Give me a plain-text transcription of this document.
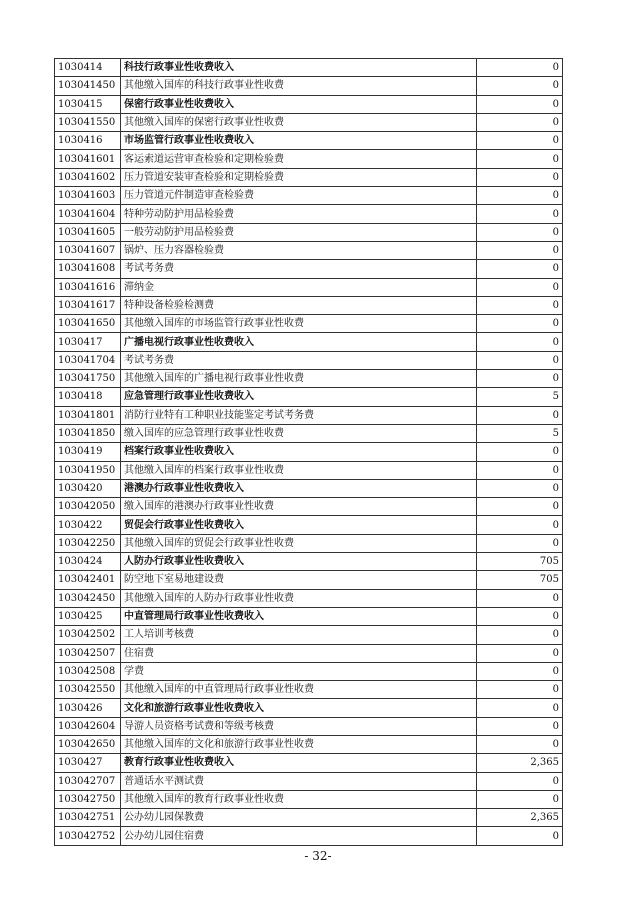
1030414	科技行政事业性收费收入	0
103041450	其他缴入国库的科技行政事业性收费	0
1030415	保密行政事业性收费收入	0
103041550	其他缴入国库的保密行政事业性收费	0
1030416	市场监管行政事业性收费收入	0
103041601	客运索道运营审查检验和定期检验费	0
103041602	压力管道安装审查检验和定期检验费	0
103041603	压力管道元件制造审查检验费	0
103041604	特种劳动防护用品检验费	0
103041605	一般劳动防护用品检验费	0
103041607	锅炉、压力容器检验费	0
103041608	考试考务费	0
103041616	滞纳金	0
103041617	特种设备检验检测费	0
103041650	其他缴入国库的市场监管行政事业性收费	0
1030417	广播电视行政事业性收费收入	0
103041704	考试考务费	0
103041750	其他缴入国库的广播电视行政事业性收费	0
1030418	应急管理行政事业性收费收入	5
103041801	消防行业特有工种职业技能鉴定考试考务费	0
103041850	缴入国库的应急管理行政事业性收费	5
1030419	档案行政事业性收费收入	0
103041950	其他缴入国库的档案行政事业性收费	0
1030420	港澳办行政事业性收费收入	0
103042050	缴入国库的港澳办行政事业性收费	0
1030422	贸促会行政事业性收费收入	0
103042250	其他缴入国库的贸促会行政事业性收费	0
1030424	人防办行政事业性收费收入	705
103042401	防空地下室易地建设费	705
103042450	其他缴入国库的人防办行政事业性收费	0
1030425	中直管理局行政事业性收费收入	0
103042502	工人培训考核费	0
103042507	住宿费	0
103042508	学费	0
103042550	其他缴入国库的中直管理局行政事业性收费	0
1030426	文化和旅游行政事业性收费收入	0
103042604	导游人员资格考试费和等级考核费	0
103042650	其他缴入国库的文化和旅游行政事业性收费	0
1030427	教育行政事业性收费收入	2,365
103042707	普通话水平测试费	0
103042750	其他缴入国库的教育行政事业性收费	0
103042751	公办幼儿园保教费	2,365
103042752	公办幼儿园住宿费	0
- 32-
